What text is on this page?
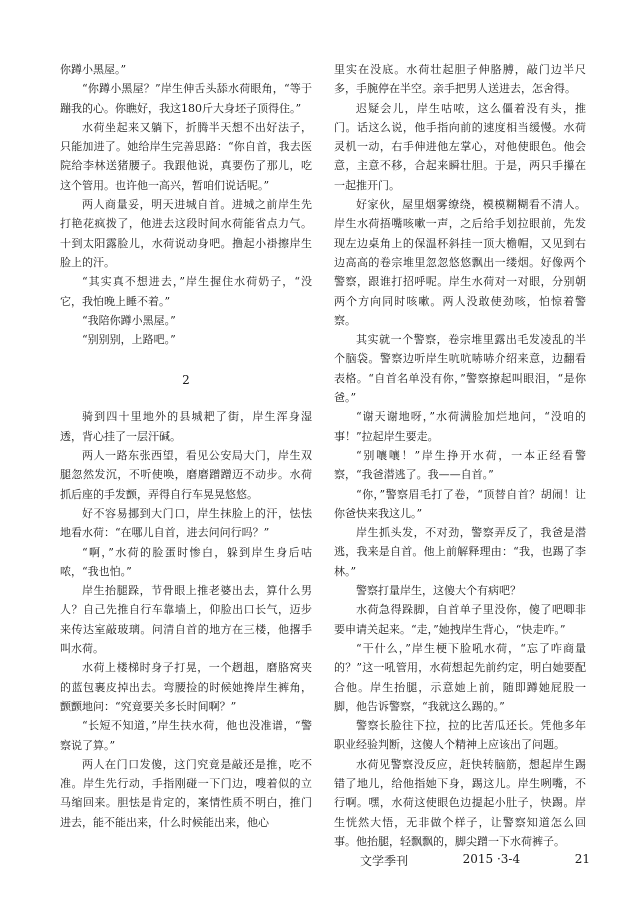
你蹲小黑屋。”

“你蹲小黑屋？”岸生伸舌头舔水荷眼角，“等于蹦我的心。你瞧好，我这180斤大身坯子顶得住。”

水荷坐起来又躺下，折腾半天想不出好法子，只能加进了。她给岸生完善思路：“你自首，我去医院给李林送猪腰子。我跟他说，真要伤了那儿，吃这个管用。也许他一高兴，暂咱们说话呢。”

两人商量妥，明天进城自首。进城之前岸生先打艳花疯拨了，他进去这段时间水荷能省点力气。十到太阳露脸儿，水荷说动身吧。撸起小褂擦岸生脸上的汗。

“其实真不想进去，”岸生握住水荷奶子，“没它，我怕晚上睡不着。”

“我陪你蹲小黑屋。”

“别别别，上路吧。”

2

骑到四十里地外的县城耙了街，岸生浑身湿透，背心挂了一层汗碱。

两人一路东张西望，看见公安局大门，岸生双腿忽然发沉，不听使唤，磨磨蹭蹭迈不动步。水荷抓后座的手发颤，弄得自行车晃晃悠悠。

好不容易挪到大门口，岸生抹脸上的汗，怯怯地看水荷：“在哪儿自首，进去问问行吗？”

“啊，”水荷的脸蛋时惨白，躲到岸生身后咕哝，“我也怕。”

岸生抬腿跺，节骨眼上推老婆出去，算什么男人？自己先推自行车靠墙上，仰脸出口长气，迈步来传达室敲玻璃。问清自首的地方在三楼，他撂手叫水荷。

水荷上楼梯时身子打晃，一个趔趄，磨胳窝夹的蓝包裹皮掉出去。弯腰捡的时候她搀岸生裤角，颤颤地问：“究竟要关多长时间啊？”

“长短不知道，”岸生扶水荷，他也没准谱，“警察说了算。”

两人在门口发傻，这门究竟是敲还是推，吃不准。岸生先行动，手指刚碰一下门边，嗖着似的立马缩回来。胆怯是肯定的，案情性质不明白，推门进去，能不能出来，什么时候能出来，他心

里实在没底。水荷壮起胆子伸胳膊，敲门边半尺多，手腕停在半空。亲手把男人送进去，怎舍得。

迟疑会儿，岸生咕哝，这么僵着没有头，推门。话这么说，他手指向前的速度相当缓慢。水荷灵机一动，右手伸进他左掌心，对他使眼色。他会意，主意不移，合起来瞬壮胆。于是，两只手攥在一起推开门。

好家伙，屋里烟雾缭绕，模模糊糊看不清人。岸生水荷捂嘴咳嗽一声，之后给手划拉眼前，先发现左边桌角上的保温杯斜挂一顶大檐帽，又见到右边高高的卷宗堆里忽忽悠悠飘出一缕烟。好像两个警察，跟谁打招呼呢。岸生水荷对一对眼，分别朝两个方向同时咳嗽。两人没敢使劲咳，怕惊着警察。

其实就一个警察，卷宗堆里露出毛发凌乱的半个脑袋。警察边听岸生吭吭哧哧介绍来意，边翻看表格。“自首名单没有你，”警察撩起叫眼泪，“是你爸。”

“谢天谢地呀，”水荷满脸加烂地问，“没咱的事！”拉起岸生要走。

“别嚷嚷！”岸生挣开水荷，一本正经看警察，“我爸潜逃了。我——自首。”

“你，”警察眉毛打了卷，“顶替自首？胡闹！让你爸快来我这儿。”

岸生抓头发，不对劲，警察弄反了，我爸是潜逃，我来是自首。他上前解释理由：“我，也踢了李林。”

警察打量岸生，这傻大个有病吧？

水荷急得跺脚，自首单子里没你，傻了吧唧非要申请关起来。“走，”她拽岸生背心，“快走咋。”

“干什么，”岸生梗下脸吼水荷，“忘了咋商量的？”这一吼管用，水荷想起先前约定，明白她要配合他。岸生抬腿，示意她上前，随即蹲她屁股一脚，他告诉警察，“我就这么踢的。”

警察长脸往下拉，拉的比苦瓜还长。凭他多年职业经验判断，这傻人个精神上应该出了问题。

水荷见警察没反应，赶快转脑筋，想起岸生踢错了地儿，给他指她下身，踢这儿。岸生咧嘴，不行啊。嘿，水荷这使眼色边提起小肚子，快踢。岸生恍然大悟，无非做个样子，让警察知道怎么回事。他抬腿，轻飘飘的，脚尖蹭一下水荷裤子。

文学季刊	2015 ·3-4	21
